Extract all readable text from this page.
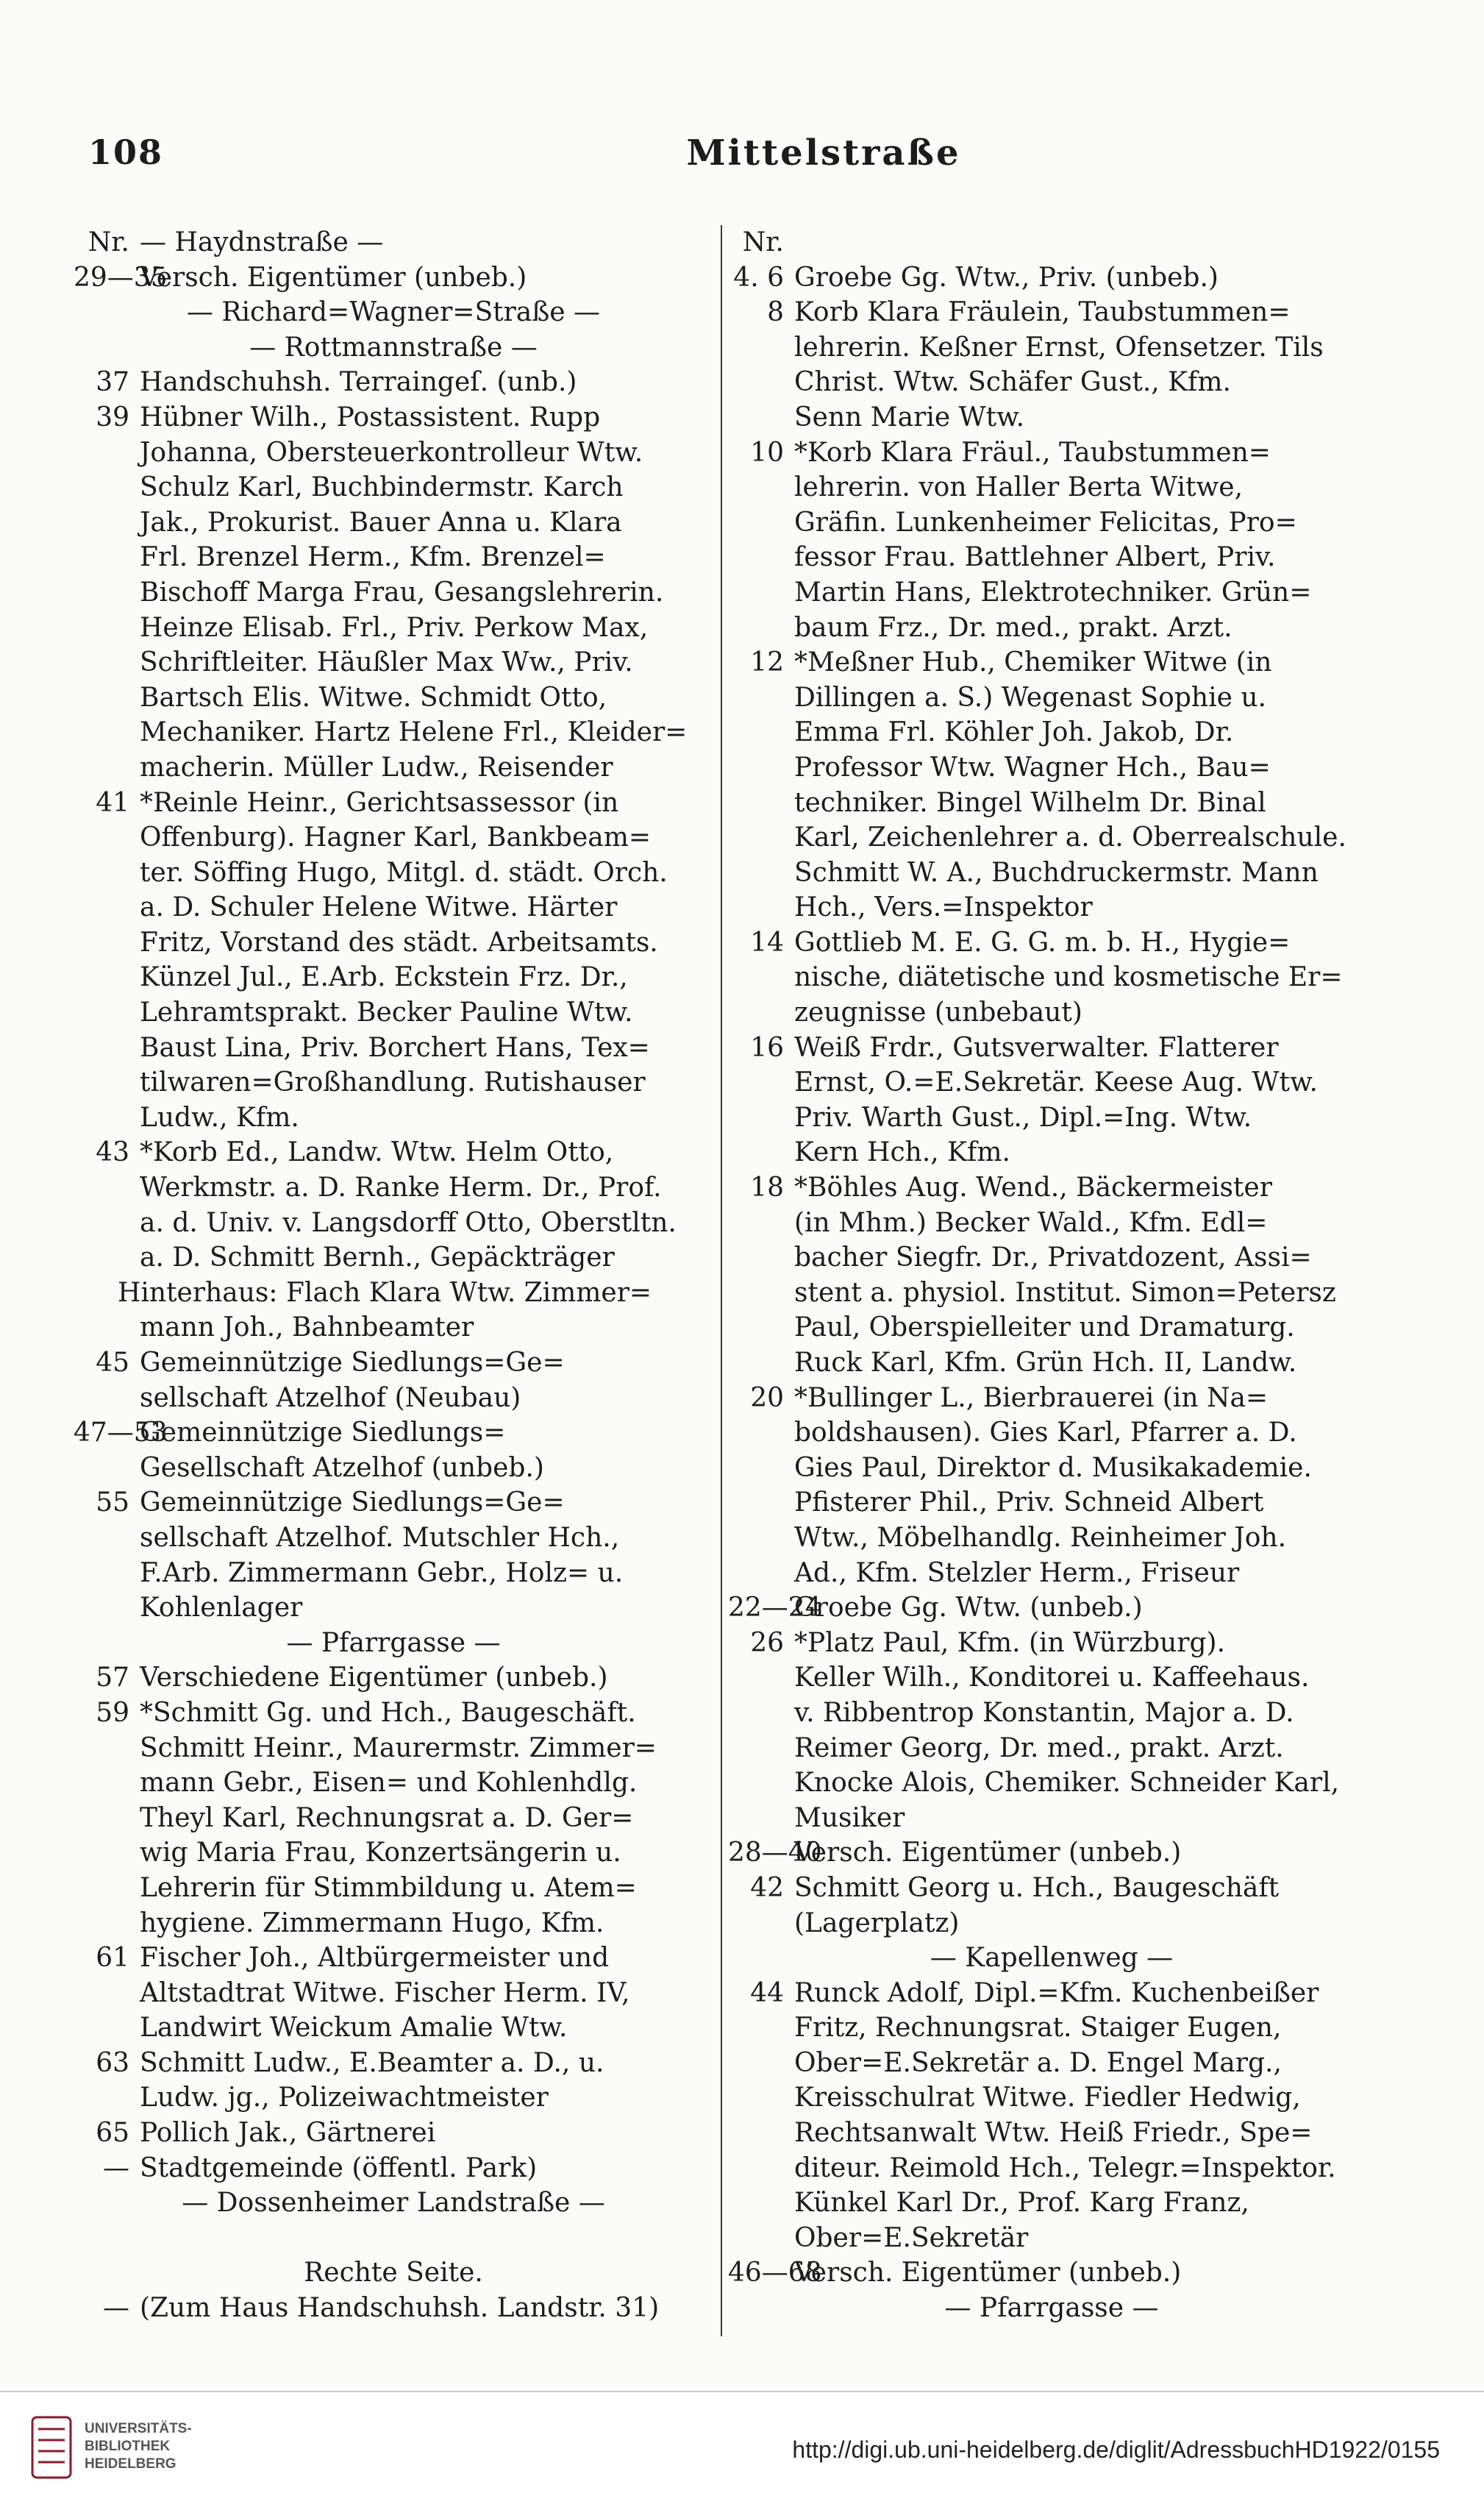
108	Mittelstraße
Nr. — Haydnstraße —
29—35Versch. Eigentümer (unbeb.)
— Richard=Wagner=Straße —
— Rottmannstraße —
37 Handschuhsh. Terraingeſ. (unb.)
39 Hübner Wilh., Postassistent. Rupp
Johanna, Obersteuerkontrolleur Wtw.
Schulz Karl, Buchbindermstr. Karch
Jak., Prokurist. Bauer Anna u. Klara
Frl. Brenzel Herm., Kfm. Brenzel=
Bischoff Marga Frau, Gesangslehrerin.
Heinze Elisab. Frl., Priv. Perkow Max,
Schriftleiter. Häußler Max Ww., Priv.
Bartsch Elis. Witwe. Schmidt Otto,
Mechaniker. Hartz Helene Frl., Kleider=
macherin. Müller Ludw., Reisender
41 *Reinle Heinr., Gerichtsassessor (in
Offenburg). Hagner Karl, Bankbeam=
ter. Söffing Hugo, Mitgl. d. städt. Orch.
a. D. Schuler Helene Witwe. Härter
Fritz, Vorstand des städt. Arbeitsamts.
Künzel Jul., E.Arb. Eckstein Frz. Dr.,
Lehramtsprakt. Becker Pauline Wtw.
Baust Lina, Priv. Borchert Hans, Tex=
tilwaren=Großhandlung. Rutishauser
Ludw., Kfm.
43 *Korb Ed., Landw. Wtw. Helm Otto,
Werkmstr. a. D. Ranke Herm. Dr., Prof.
a. d. Univ. v. Langsdorff Otto, Oberstltn.
a. D. Schmitt Bernh., Gepäckträger
Hinterhaus: Flach Klara Wtw. Zimmer=
mann Joh., Bahnbeamter
45 Gemeinnützige Siedlungs=Ge=
sellschaft Atzelhof (Neubau)
47—53Gemeinnützige Siedlungs=
Gesellschaft Atzelhof (unbeb.)
55 Gemeinnützige Siedlungs=Ge=
sellschaft Atzelhof. Mutschler Hch.,
F.Arb. Zimmermann Gebr., Holz= u.
Kohlenlager
— Pfarrgasse —
57 Verschiedene Eigentümer (unbeb.)
59 *Schmitt Gg. und Hch., Baugeschäft.
Schmitt Heinr., Maurermstr. Zimmer=
mann Gebr., Eisen= und Kohlenhdlg.
Theyl Karl, Rechnungsrat a. D. Ger=
wig Maria Frau, Konzertsängerin u.
Lehrerin für Stimmbildung u. Atem=
hygiene. Zimmermann Hugo, Kfm.
61 Fischer Joh., Altbürgermeister und
Altstadtrat Witwe. Fischer Herm. IV,
Landwirt Weickum Amalie Wtw.
63 Schmitt Ludw., E.Beamter a. D., u.
Ludw. jg., Polizeiwachtmeister
65 Pollich Jak., Gärtnerei
— Stadtgemeinde (öffentl. Park)
— Dossenheimer Landstraße —
Rechte Seite.
— (Zum Haus Handschuhsh. Landstr. 31)
Nr.
4. 6 Groebe Gg. Wtw., Priv. (unbeb.)
8 Korb Klara Fräulein, Taubstummen=
lehrerin. Keßner Ernst, Ofensetzer. Tils
Christ. Wtw. Schäfer Gust., Kfm.
Senn Marie Wtw.
10 *Korb Klara Fräul., Taubstummen=
lehrerin. von Haller Berta Witwe,
Gräfin. Lunkenheimer Felicitas, Pro=
fessor Frau. Battlehner Albert, Priv.
Martin Hans, Elektrotechniker. Grün=
baum Frz., Dr. med., prakt. Arzt.
12 *Meßner Hub., Chemiker Witwe (in
Dillingen a. S.) Wegenast Sophie u.
Emma Frl. Köhler Joh. Jakob, Dr.
Professor Wtw. Wagner Hch., Bau=
techniker. Bingel Wilhelm Dr. Binal
Karl, Zeichenlehrer a. d. Oberrealschule.
Schmitt W. A., Buchdruckermstr. Mann
Hch., Vers.=Inspektor
14 Gottlieb M. E. G. G. m. b. H., Hygie=
nische, diätetische und kosmetische Er=
zeugnisse (unbebaut)
16 Weiß Frdr., Gutsverwalter. Flatterer
Ernst, O.=E.Sekretär. Keese Aug. Wtw.
Priv. Warth Gust., Dipl.=Ing. Wtw.
Kern Hch., Kfm.
18 *Böhles Aug. Wend., Bäckermeister
(in Mhm.) Becker Wald., Kfm. Edl=
bacher Siegfr. Dr., Privatdozent, Assi=
stent a. physiol. Institut. Simon=Petersz
Paul, Oberspielleiter und Dramaturg.
Ruck Karl, Kfm. Grün Hch. II, Landw.
20 *Bullinger L., Bierbrauerei (in Na=
boldshausen). Gies Karl, Pfarrer a. D.
Gies Paul, Direktor d. Musikakademie.
Pfisterer Phil., Priv. Schneid Albert
Wtw., Möbelhandlg. Reinheimer Joh.
Ad., Kfm. Stelzler Herm., Friseur
22—24Groebe Gg. Wtw. (unbeb.)
26 *Platz Paul, Kfm. (in Würzburg).
Keller Wilh., Konditorei u. Kaffeehaus.
v. Ribbentrop Konstantin, Major a. D.
Reimer Georg, Dr. med., prakt. Arzt.
Knocke Alois, Chemiker. Schneider Karl,
Musiker
28—40Versch. Eigentümer (unbeb.)
42 Schmitt Georg u. Hch., Baugeschäft
(Lagerplatz)
— Kapellenweg —
44 Runck Adolf, Dipl.=Kfm. Kuchenbeißer
Fritz, Rechnungsrat. Staiger Eugen,
Ober=E.Sekretär a. D. Engel Marg.,
Kreisschulrat Witwe. Fiedler Hedwig,
Rechtsanwalt Wtw. Heiß Friedr., Spe=
diteur. Reimold Hch., Telegr.=Inspektor.
Künkel Karl Dr., Prof. Karg Franz,
Ober=E.Sekretär
46—68Versch. Eigentümer (unbeb.)
— Pfarrgasse —
UNIVERSITÄTS-
BIBLIOTHEK
HEIDELBERG
http://digi.ub.uni-heidelberg.de/diglit/AdressbuchHD1922/0155
